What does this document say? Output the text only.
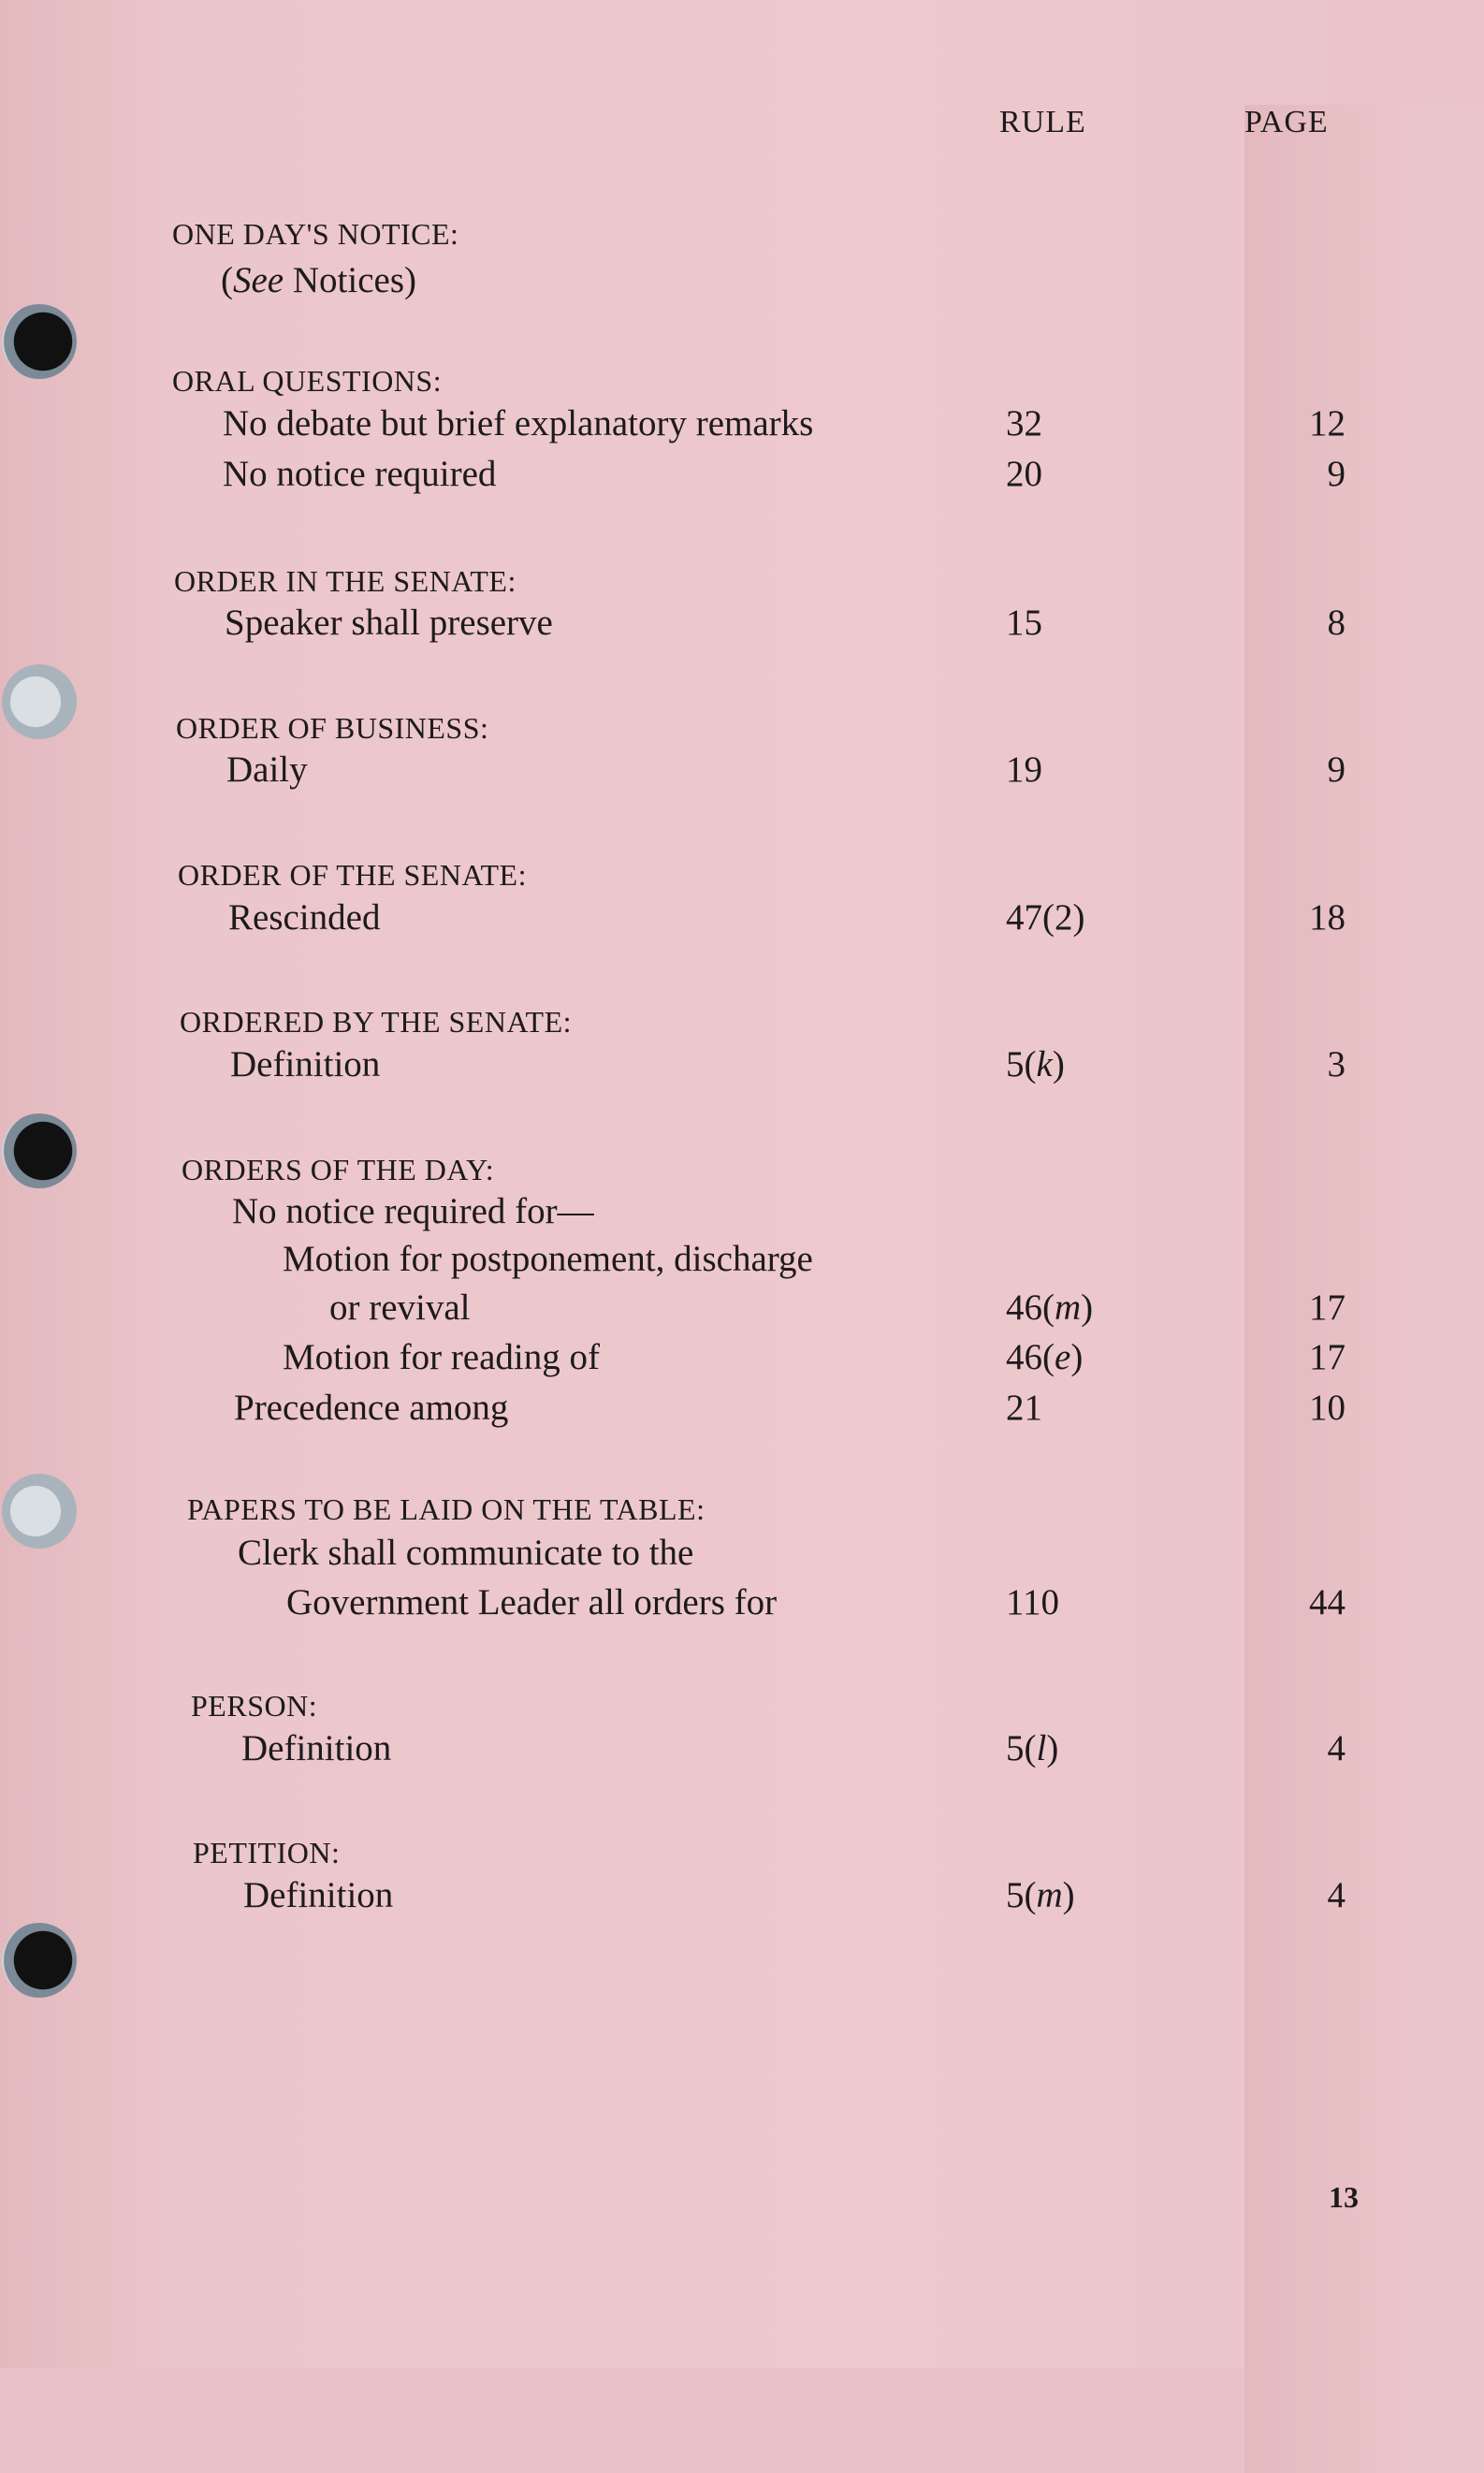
RULE	PAGE
ONE DAY'S NOTICE:
(See Notices)
ORAL QUESTIONS:
No debate but brief explanatory remarks	32	12
No notice required	20	9
ORDER IN THE SENATE:
Speaker shall preserve	15	8
ORDER OF BUSINESS:
Daily	19	9
ORDER OF THE SENATE:
Rescinded	47(2)	18
ORDERED BY THE SENATE:
Definition	5(k)	3
ORDERS OF THE DAY:
No notice required for—
Motion for postponement, discharge
or revival	46(m)	17
Motion for reading of	46(e)	17
Precedence among	21	10
PAPERS TO BE LAID ON THE TABLE:
Clerk shall communicate to the
Government Leader all orders for	110	44
PERSON:
Definition	5(l)	4
PETITION:
Definition	5(m)	4
13
